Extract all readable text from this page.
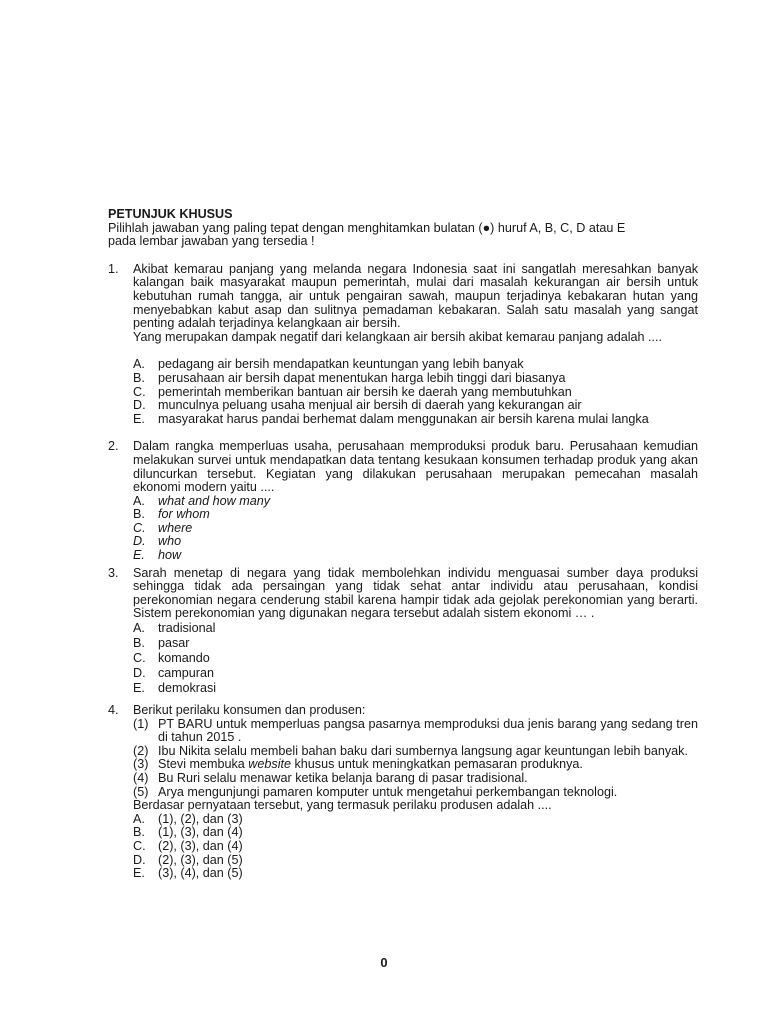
PETUNJUK KHUSUS
Pilihlah jawaban yang paling tepat dengan menghitamkan bulatan (●) huruf A, B, C, D atau E
pada lembar jawaban yang tersedia !
1.	Akibat kemarau panjang yang melanda negara Indonesia saat ini sangatlah meresahkan banyak kalangan baik masyarakat maupun pemerintah, mulai dari masalah kekurangan air bersih untuk kebutuhan rumah tangga, air untuk pengairan sawah, maupun terjadinya kebakaran hutan yang menyebabkan kabut asap dan sulitnya pemadaman kebakaran. Salah satu masalah yang sangat penting adalah terjadinya kelangkaan air bersih.
Yang merupakan dampak negatif dari kelangkaan air bersih akibat kemarau panjang adalah ....
A.	pedagang air bersih mendapatkan keuntungan yang lebih banyak
B.	perusahaan air bersih dapat menentukan harga lebih tinggi dari biasanya
C. pemerintah memberikan bantuan air bersih ke daerah yang membutuhkan
D. munculnya peluang usaha menjual air bersih di daerah yang kekurangan air
E.	masyarakat harus pandai berhemat dalam menggunakan air bersih karena mulai langka
2.	Dalam rangka memperluas usaha, perusahaan memproduksi produk baru. Perusahaan kemudian melakukan survei untuk mendapatkan data tentang kesukaan konsumen terhadap produk yang akan diluncurkan tersebut. Kegiatan yang dilakukan perusahaan merupakan pemecahan masalah ekonomi modern yaitu ....
A.	what and how many
B.	for whom
C. where
D. who
E.	how
3.	Sarah menetap di negara yang tidak membolehkan individu menguasai sumber daya produksi sehingga tidak ada persaingan yang tidak sehat antar individu atau perusahaan, kondisi perekonomian negara cenderung stabil karena hampir tidak ada gejolak perekonomian yang berarti. Sistem perekonomian yang digunakan negara tersebut adalah sistem ekonomi … .
A.	tradisional
B.	pasar
C. komando
D. campuran
E.	demokrasi
4.	Berikut perilaku konsumen dan produsen:
(1) PT BARU untuk memperluas pangsa pasarnya memproduksi dua jenis barang yang sedang tren di tahun 2015 .
(2) Ibu Nikita selalu membeli bahan baku dari sumbernya langsung agar keuntungan lebih banyak.
(3) Stevi membuka website khusus untuk meningkatkan pemasaran produknya.
(4) Bu Ruri selalu menawar ketika belanja barang di pasar tradisional.
(5) Arya mengunjungi pamaren komputer untuk mengetahui perkembangan teknologi.
Berdasar pernyataan tersebut, yang termasuk perilaku produsen adalah ....
A.	(1), (2), dan (3)
B.	(1), (3), dan (4)
C. (2), (3), dan (4)
D. (2), (3), dan (5)
E.	(3), (4), dan (5)
0
